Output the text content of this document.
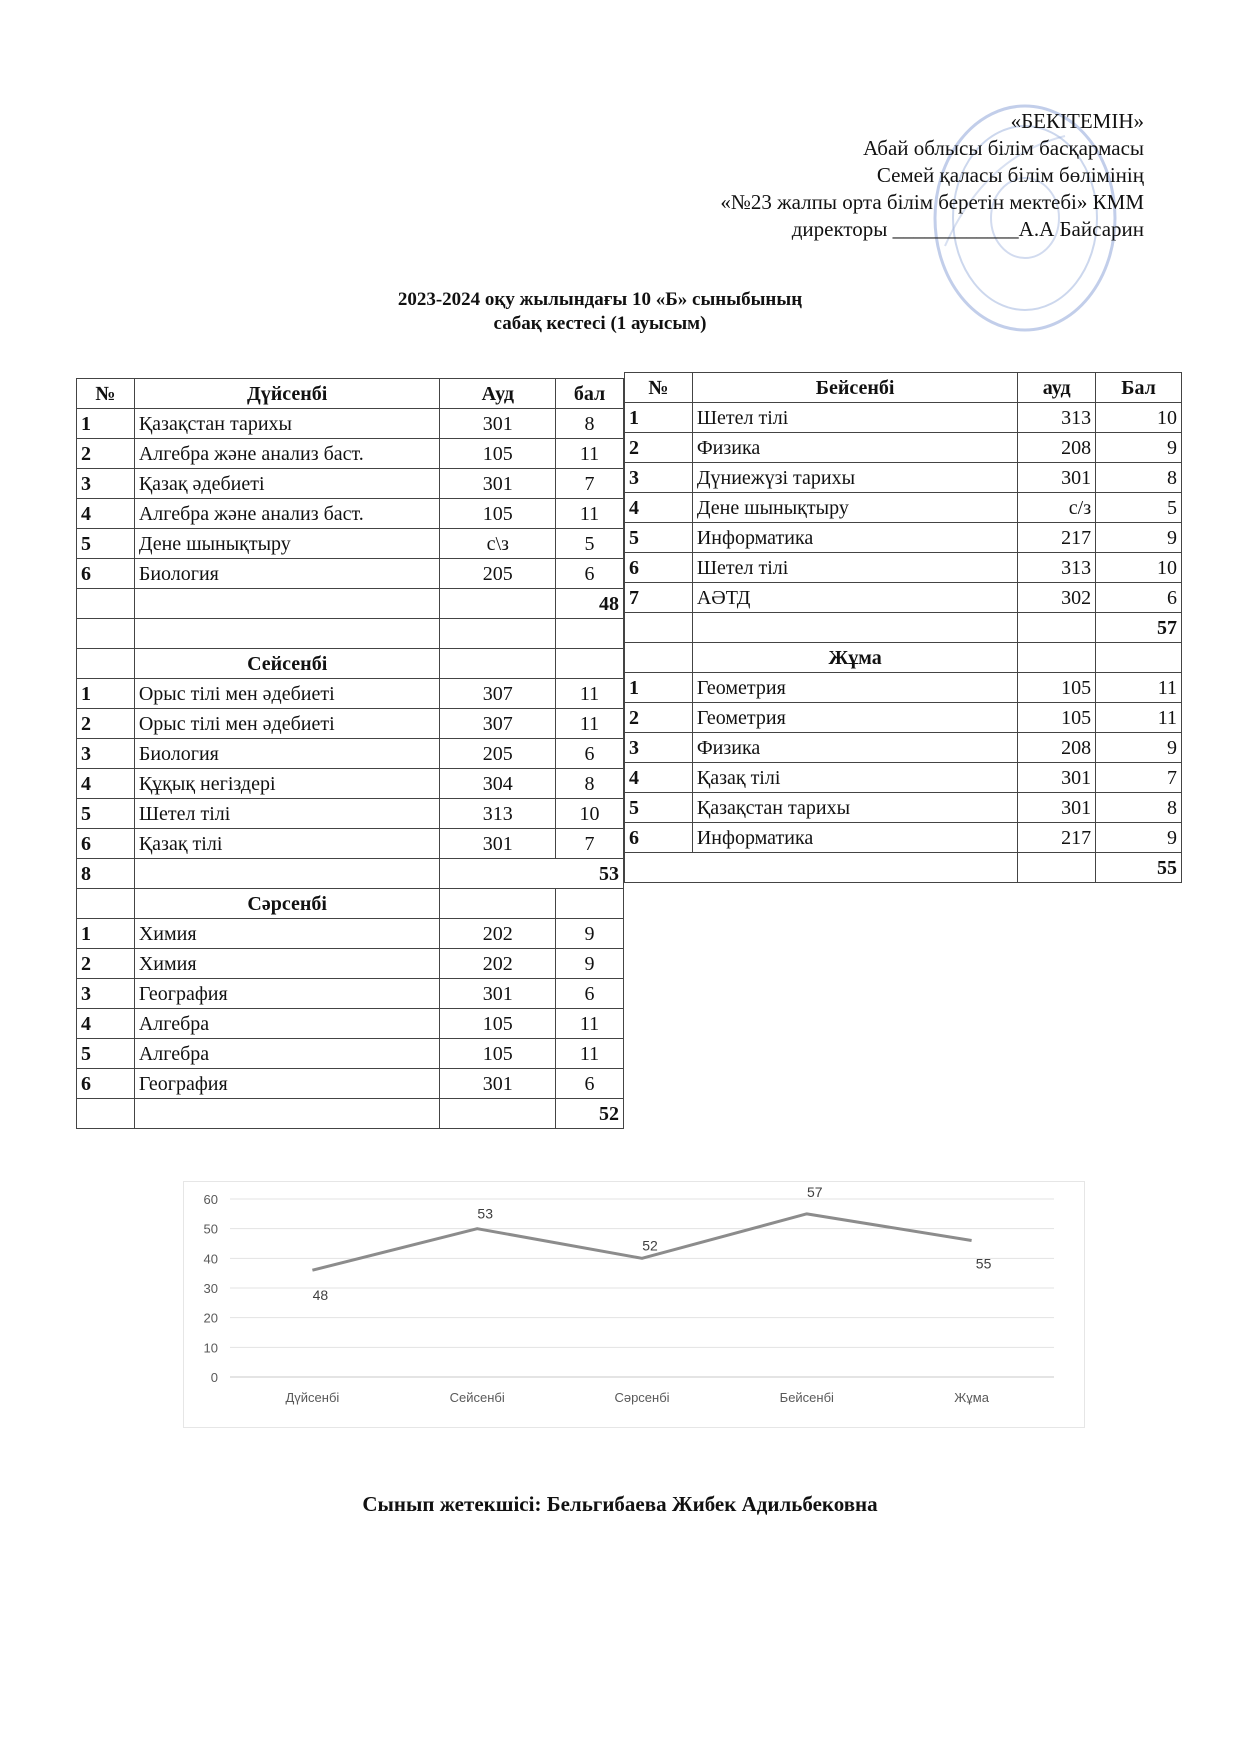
«БЕКІТЕМІН»
Абай облысы білім басқармасы
Семей қаласы білім бөлімінің
«№23 жалпы орта білім беретін мектебі» КММ
директоры ____________А.А Байсарин
2023-2024 оқу жылындағы 10 «Б» сыныбының
сабақ кестесі (1 ауысым)
№	Дүйсенбі	Ауд	бал
1	Қазақстан тарихы	301	8
2	Алгебра және анализ баст.	105	11
3	Қазақ әдебиеті	301	7
4	Алгебра және анализ баст.	105	11
5	Дене шынықтыру	с\з	5
6	Биология	205	6
			48

	Сейсенбі		
1	Орыс тілі мен әдебиеті	307	11
2	Орыс тілі мен әдебиеті	307	11
3	Биология	205	6
4	Құқық негіздері	304	8
5	Шетел тілі	313	10
6	Қазақ тілі	301	7
8		53	
	Сәрсенбі		
1	Химия	202	9
2	Химия	202	9
3	География	301	6
4	Алгебра	105	11
5	Алгебра	105	11
6	География	301	6
			52
№	Бейсенбі	ауд	Бал
1	Шетел тілі	313	10
2	Физика	208	9
3	Дүниежүзі тарихы	301	8
4	Дене шынықтыру	с/з	5
5	Информатика	217	9
6	Шетел тілі	313	10
7	АӘТД	302	6
			57
	Жұма		
1	Геометрия	105	11
2	Геометрия	105	11
3	Физика	208	9
4	Қазақ тілі	301	7
5	Қазақстан тарихы	301	8
6	Информатика	217	9
			55
0
10
20
30
40
50
60
Дүйсенбі	Сейсенбі	Сәрсенбі	Бейсенбі	Жұма
48
53
52
57
55
Сынып жетекшісі: Бельгибаева Жибек Адильбековна
